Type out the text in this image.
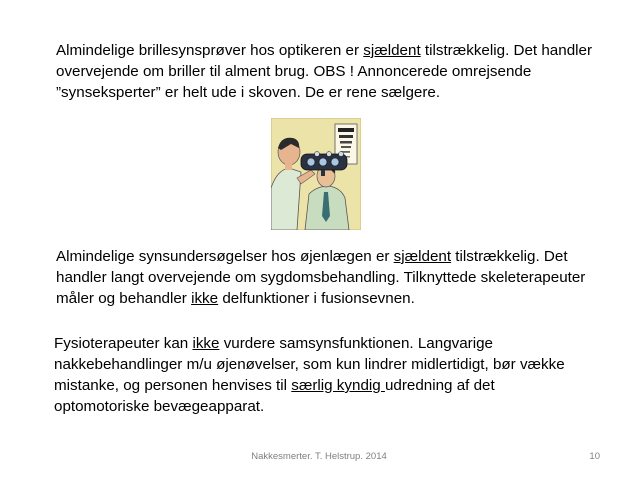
Almindelige brillesynsprøver hos optikeren er sjældent tilstrækkelig. Det handler overvejende om briller til alment brug. OBS ! Annoncerede omrejsende ”synseksperter” er helt ude i skoven. De er rene sælgere.

Almindelige synsundersøgelser hos øjenlægen er sjældent tilstrækkelig. Det handler langt overvejende om sygdomsbehandling. Tilknyttede skeleterapeuter måler og behandler ikke delfunktioner i fusionsevnen.

Fysioterapeuter kan ikke vurdere samsynsfunktionen. Langvarige nakkebehandlinger m/u øjenøvelser, som kun lindrer midlertidigt, bør vække mistanke, og personen henvises til særlig kyndig udredning af det optomotoriske bevægeapparat.

Nakkesmerter. T. Helstrup. 2014	10
